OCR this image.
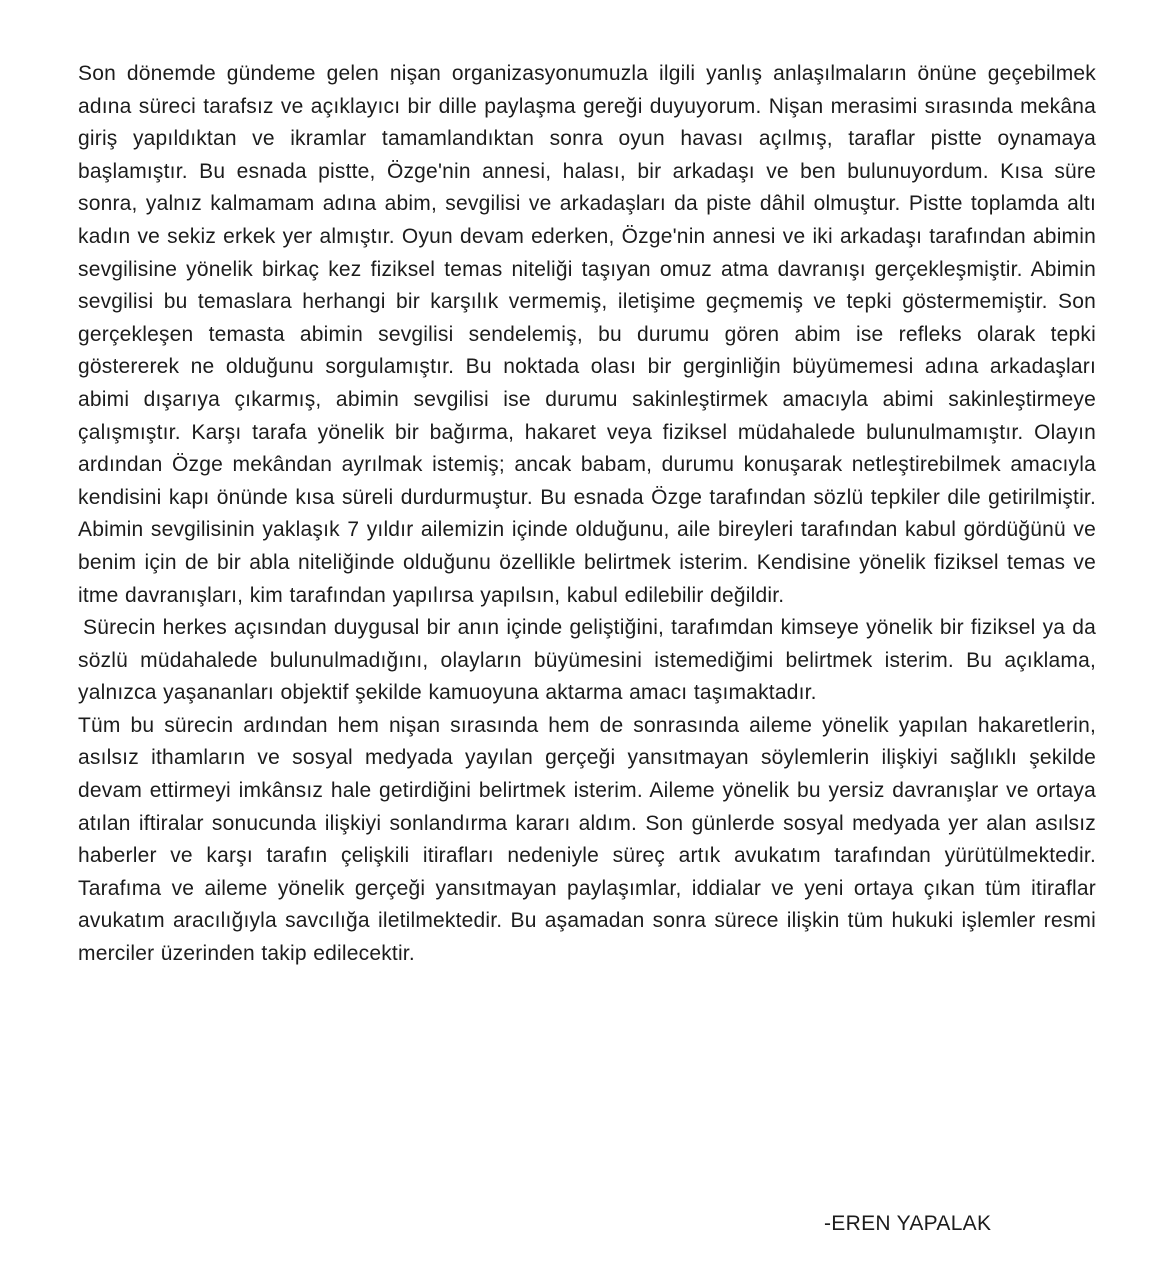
Son dönemde gündeme gelen nişan organizasyonumuzla ilgili yanlış anlaşılmaların önüne geçebilmek adına süreci tarafsız ve açıklayıcı bir dille paylaşma gereği duyuyorum. Nişan merasimi sırasında mekâna giriş yapıldıktan ve ikramlar tamamlandıktan sonra oyun havası açılmış, taraflar pistte oynamaya başlamıştır. Bu esnada pistte, Özge'nin annesi, halası, bir arkadaşı ve ben bulunuyordum. Kısa süre sonra, yalnız kalmamam adına abim, sevgilisi ve arkadaşları da piste dâhil olmuştur. Pistte toplamda altı kadın ve sekiz erkek yer almıştır. Oyun devam ederken, Özge'nin annesi ve iki arkadaşı tarafından abimin sevgilisine yönelik birkaç kez fiziksel temas niteliği taşıyan omuz atma davranışı gerçekleşmiştir. Abimin sevgilisi bu temaslara herhangi bir karşılık vermemiş, iletişime geçmemiş ve tepki göstermemiştir. Son gerçekleşen temasta abimin sevgilisi sendelemiş, bu durumu gören abim ise refleks olarak tepki göstererek ne olduğunu sorgulamıştır. Bu noktada olası bir gerginliğin büyümemesi adına arkadaşları abimi dışarıya çıkarmış, abimin sevgilisi ise durumu sakinleştirmek amacıyla abimi sakinleştirmeye çalışmıştır. Karşı tarafa yönelik bir bağırma, hakaret veya fiziksel müdahalede bulunulmamıştır. Olayın ardından Özge mekândan ayrılmak istemiş; ancak babam, durumu konuşarak netleştirebilmek amacıyla kendisini kapı önünde kısa süreli durdurmuştur. Bu esnada Özge tarafından sözlü tepkiler dile getirilmiştir. Abimin sevgilisinin yaklaşık 7 yıldır ailemizin içinde olduğunu, aile bireyleri tarafından kabul gördüğünü ve benim için de bir abla niteliğinde olduğunu özellikle belirtmek isterim. Kendisine yönelik fiziksel temas ve itme davranışları, kim tarafından yapılırsa yapılsın, kabul edilebilir değildir.

Sürecin herkes açısından duygusal bir anın içinde geliştiğini, tarafımdan kimseye yönelik bir fiziksel ya da sözlü müdahalede bulunulmadığını, olayların büyümesini istemediğimi belirtmek isterim. Bu açıklama, yalnızca yaşananları objektif şekilde kamuoyuna aktarma amacı taşımaktadır.

Tüm bu sürecin ardından hem nişan sırasında hem de sonrasında aileme yönelik yapılan hakaretlerin, asılsız ithamların ve sosyal medyada yayılan gerçeği yansıtmayan söylemlerin ilişkiyi sağlıklı şekilde devam ettirmeyi imkânsız hale getirdiğini belirtmek isterim. Aileme yönelik bu yersiz davranışlar ve ortaya atılan iftiralar sonucunda ilişkiyi sonlandırma kararı aldım. Son günlerde sosyal medyada yer alan asılsız haberler ve karşı tarafın çelişkili itirafları nedeniyle süreç artık avukatım tarafından yürütülmektedir. Tarafıma ve aileme yönelik gerçeği yansıtmayan paylaşımlar, iddialar ve yeni ortaya çıkan tüm itiraflar avukatım aracılığıyla savcılığa iletilmektedir. Bu aşamadan sonra sürece ilişkin tüm hukuki işlemler resmi merciler üzerinden takip edilecektir.

-EREN YAPALAK
